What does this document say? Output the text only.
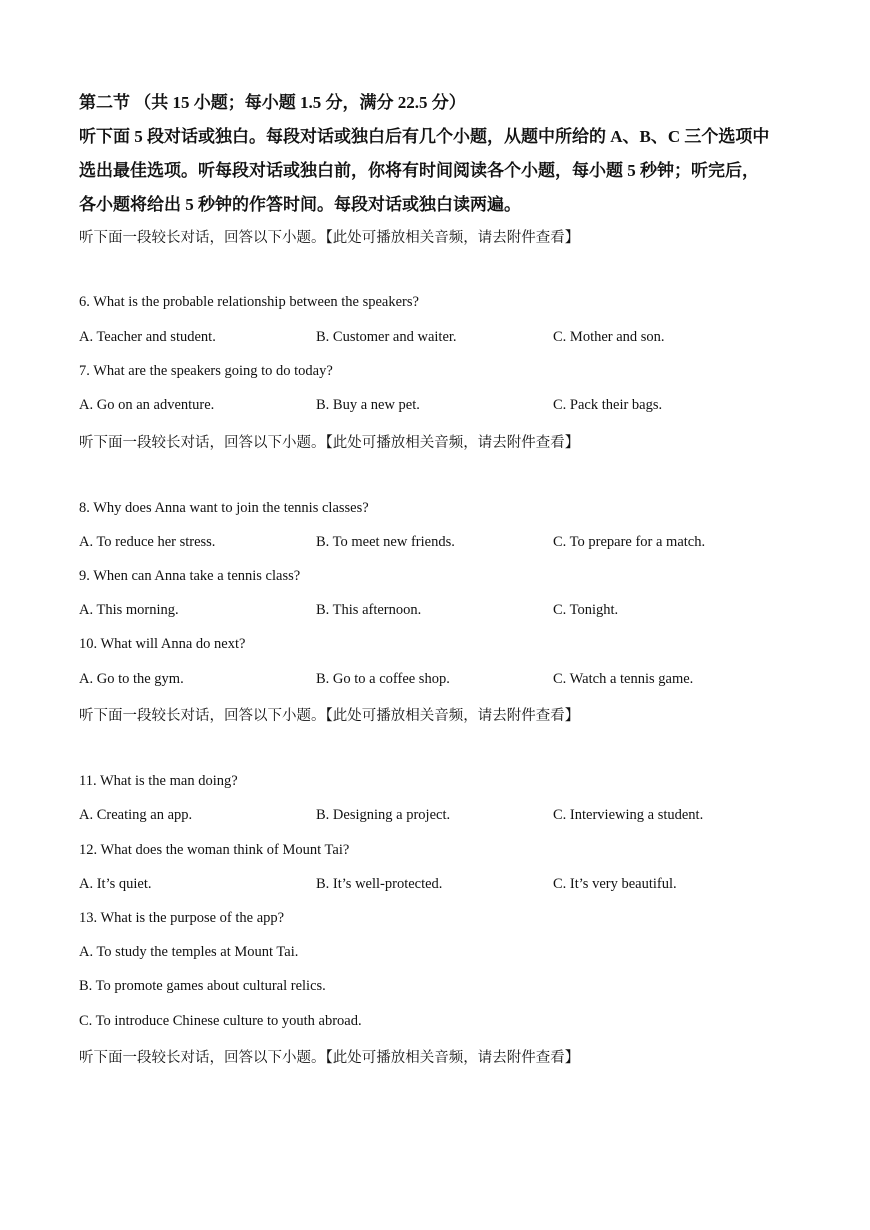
第二节 （共 15 小题；每小题 1.5 分，满分 22.5 分）
听下面 5 段对话或独白。每段对话或独白后有几个小题，从题中所给的 A、B、C 三个选项中
选出最佳选项。听每段对话或独白前，你将有时间阅读各个小题，每小题 5 秒钟；听完后，
各小题将给出 5 秒钟的作答时间。每段对话或独白读两遍。
听下面一段较长对话，回答以下小题。【此处可播放相关音频，请去附件查看】
6. What is the probable relationship between the speakers?
A. Teacher and student.	B. Customer and waiter.	C. Mother and son.
7. What are the speakers going to do today?
A. Go on an adventure.	B. Buy a new pet.	C. Pack their bags.
听下面一段较长对话，回答以下小题。【此处可播放相关音频，请去附件查看】
8. Why does Anna want to join the tennis classes?
A. To reduce her stress.	B. To meet new friends.	C. To prepare for a match.
9. When can Anna take a tennis class?
A. This morning.	B. This afternoon.	C. Tonight.
10. What will Anna do next?
A. Go to the gym.	B. Go to a coffee shop.	C. Watch a tennis game.
听下面一段较长对话，回答以下小题。【此处可播放相关音频，请去附件查看】
11. What is the man doing?
A. Creating an app.	B. Designing a project.	C. Interviewing a student.
12. What does the woman think of Mount Tai?
A. It’s quiet.	B. It’s well-protected.	C. It’s very beautiful.
13. What is the purpose of the app?
A. To study the temples at Mount Tai.
B. To promote games about cultural relics.
C. To introduce Chinese culture to youth abroad.
听下面一段较长对话，回答以下小题。【此处可播放相关音频，请去附件查看】
